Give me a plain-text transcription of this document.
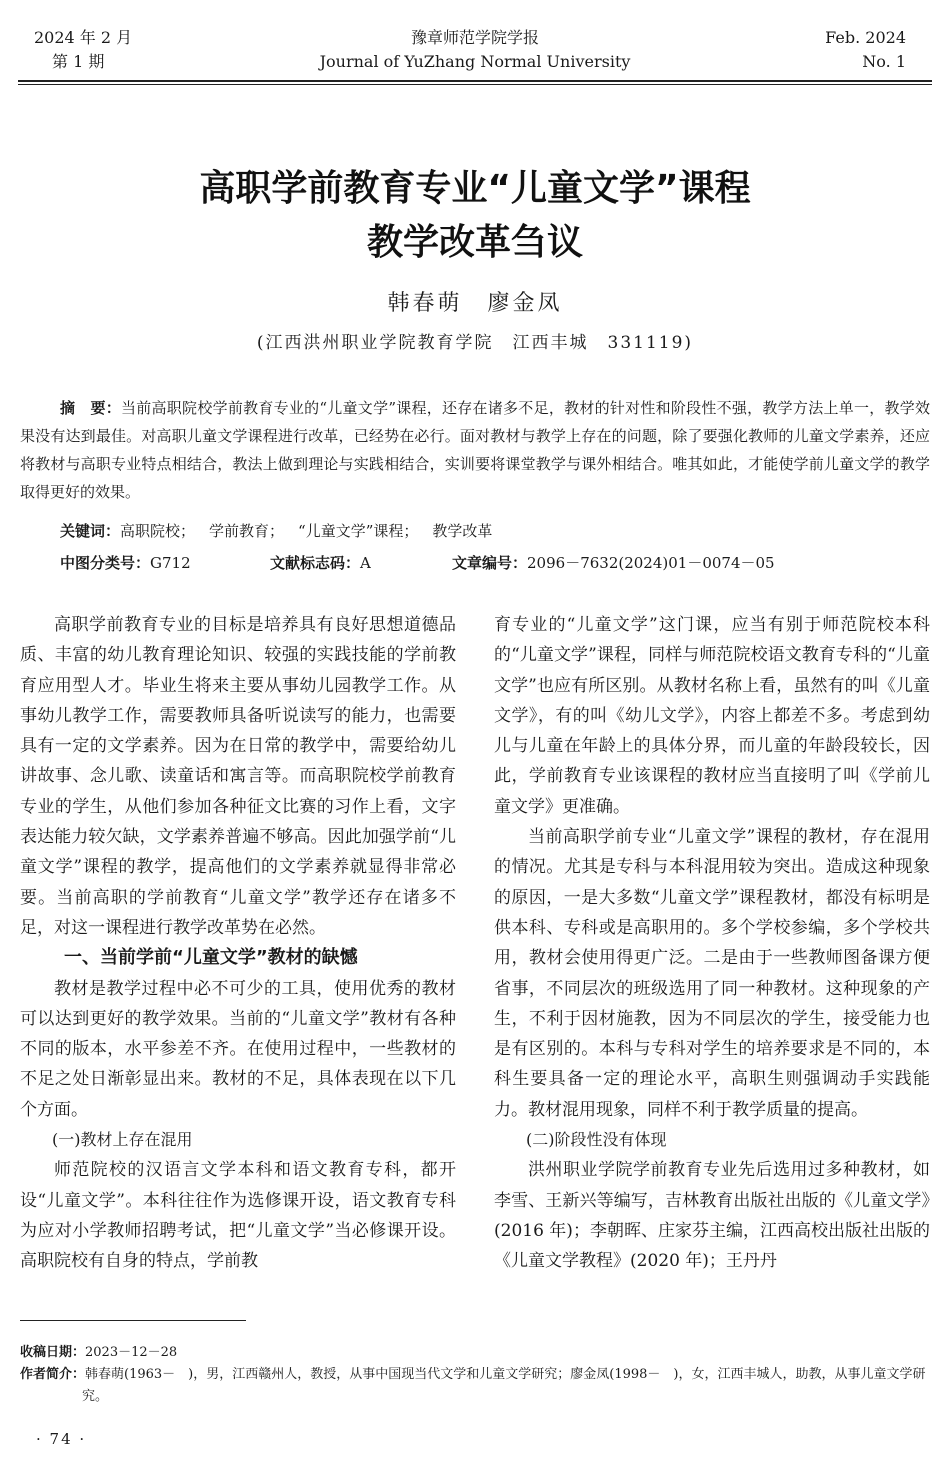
2024 年 2 月
第 1 期
豫章师范学院学报
Journal of YuZhang Normal University
Feb. 2024
No. 1
高职学前教育专业“儿童文学”课程
教学改革刍议
韩春萌　廖金凤
(江西洪州职业学院教育学院　江西丰城　331119)
摘　要：当前高职院校学前教育专业的“儿童文学”课程，还存在诸多不足，教材的针对性和阶段性不强，教学方法上单一，教学效果没有达到最佳。对高职儿童文学课程进行改革，已经势在必行。面对教材与教学上存在的问题，除了要强化教师的儿童文学素养，还应将教材与高职专业特点相结合，教法上做到理论与实践相结合，实训要将课堂教学与课外相结合。唯其如此，才能使学前儿童文学的教学取得更好的效果。
关键词：高职院校； 学前教育； “儿童文学”课程； 教学改革
中图分类号：G712	文献标志码：A	文章编号：2096－7632(2024)01－0074－05

高职学前教育专业的目标是培养具有良好思想道德品质、丰富的幼儿教育理论知识、较强的实践技能的学前教育应用型人才。毕业生将来主要从事幼儿园教学工作。从事幼儿教学工作，需要教师具备听说读写的能力，也需要具有一定的文学素养。因为在日常的教学中，需要给幼儿讲故事、念儿歌、读童话和寓言等。而高职院校学前教育专业的学生，从他们参加各种征文比赛的习作上看，文字表达能力较欠缺，文学素养普遍不够高。因此加强学前“儿童文学”课程的教学，提高他们的文学素养就显得非常必要。当前高职的学前教育“儿童文学”教学还存在诸多不足，对这一课程进行教学改革势在必然。

一、当前学前“儿童文学”教材的缺憾

教材是教学过程中必不可少的工具，使用优秀的教材可以达到更好的教学效果。当前的“儿童文学”教材有各种不同的版本，水平参差不齐。在使用过程中，一些教材的不足之处日渐彰显出来。教材的不足，具体表现在以下几个方面。

(一)教材上存在混用

师范院校的汉语言文学本科和语文教育专科，都开设“儿童文学”。本科往往作为选修课开设，语文教育专科为应对小学教师招聘考试，把“儿童文学”当必修课开设。高职院校有自身的特点，学前教

育专业的“儿童文学”这门课，应当有别于师范院校本科的“儿童文学”课程，同样与师范院校语文教育专科的“儿童文学”也应有所区别。从教材名称上看，虽然有的叫《儿童文学》，有的叫《幼儿文学》，内容上都差不多。考虑到幼儿与儿童在年龄上的具体分界，而儿童的年龄段较长，因此，学前教育专业该课程的教材应当直接明了叫《学前儿童文学》更准确。

当前高职学前专业“儿童文学”课程的教材，存在混用的情况。尤其是专科与本科混用较为突出。造成这种现象的原因，一是大多数“儿童文学”课程教材，都没有标明是供本科、专科或是高职用的。多个学校参编，多个学校共用，教材会使用得更广泛。二是由于一些教师图备课方便省事，不同层次的班级选用了同一种教材。这种现象的产生，不利于因材施教，因为不同层次的学生，接受能力也是有区别的。本科与专科对学生的培养要求是不同的，本科生要具备一定的理论水平，高职生则强调动手实践能力。教材混用现象，同样不利于教学质量的提高。

(二)阶段性没有体现

洪州职业学院学前教育专业先后选用过多种教材，如李雪、王新兴等编写，吉林教育出版社出版的《儿童文学》(2016 年)；李朝晖、庄家芬主编，江西高校出版社出版的《儿童文学教程》(2020 年)；王丹丹

收稿日期：2023－12－28
作者简介： 韩春萌(1963－　)，男，江西赣州人，教授，从事中国现当代文学和儿童文学研究；廖金凤(1998－　)，女，江西丰城人，助教，从事儿童文学研究。
· 74 ·
